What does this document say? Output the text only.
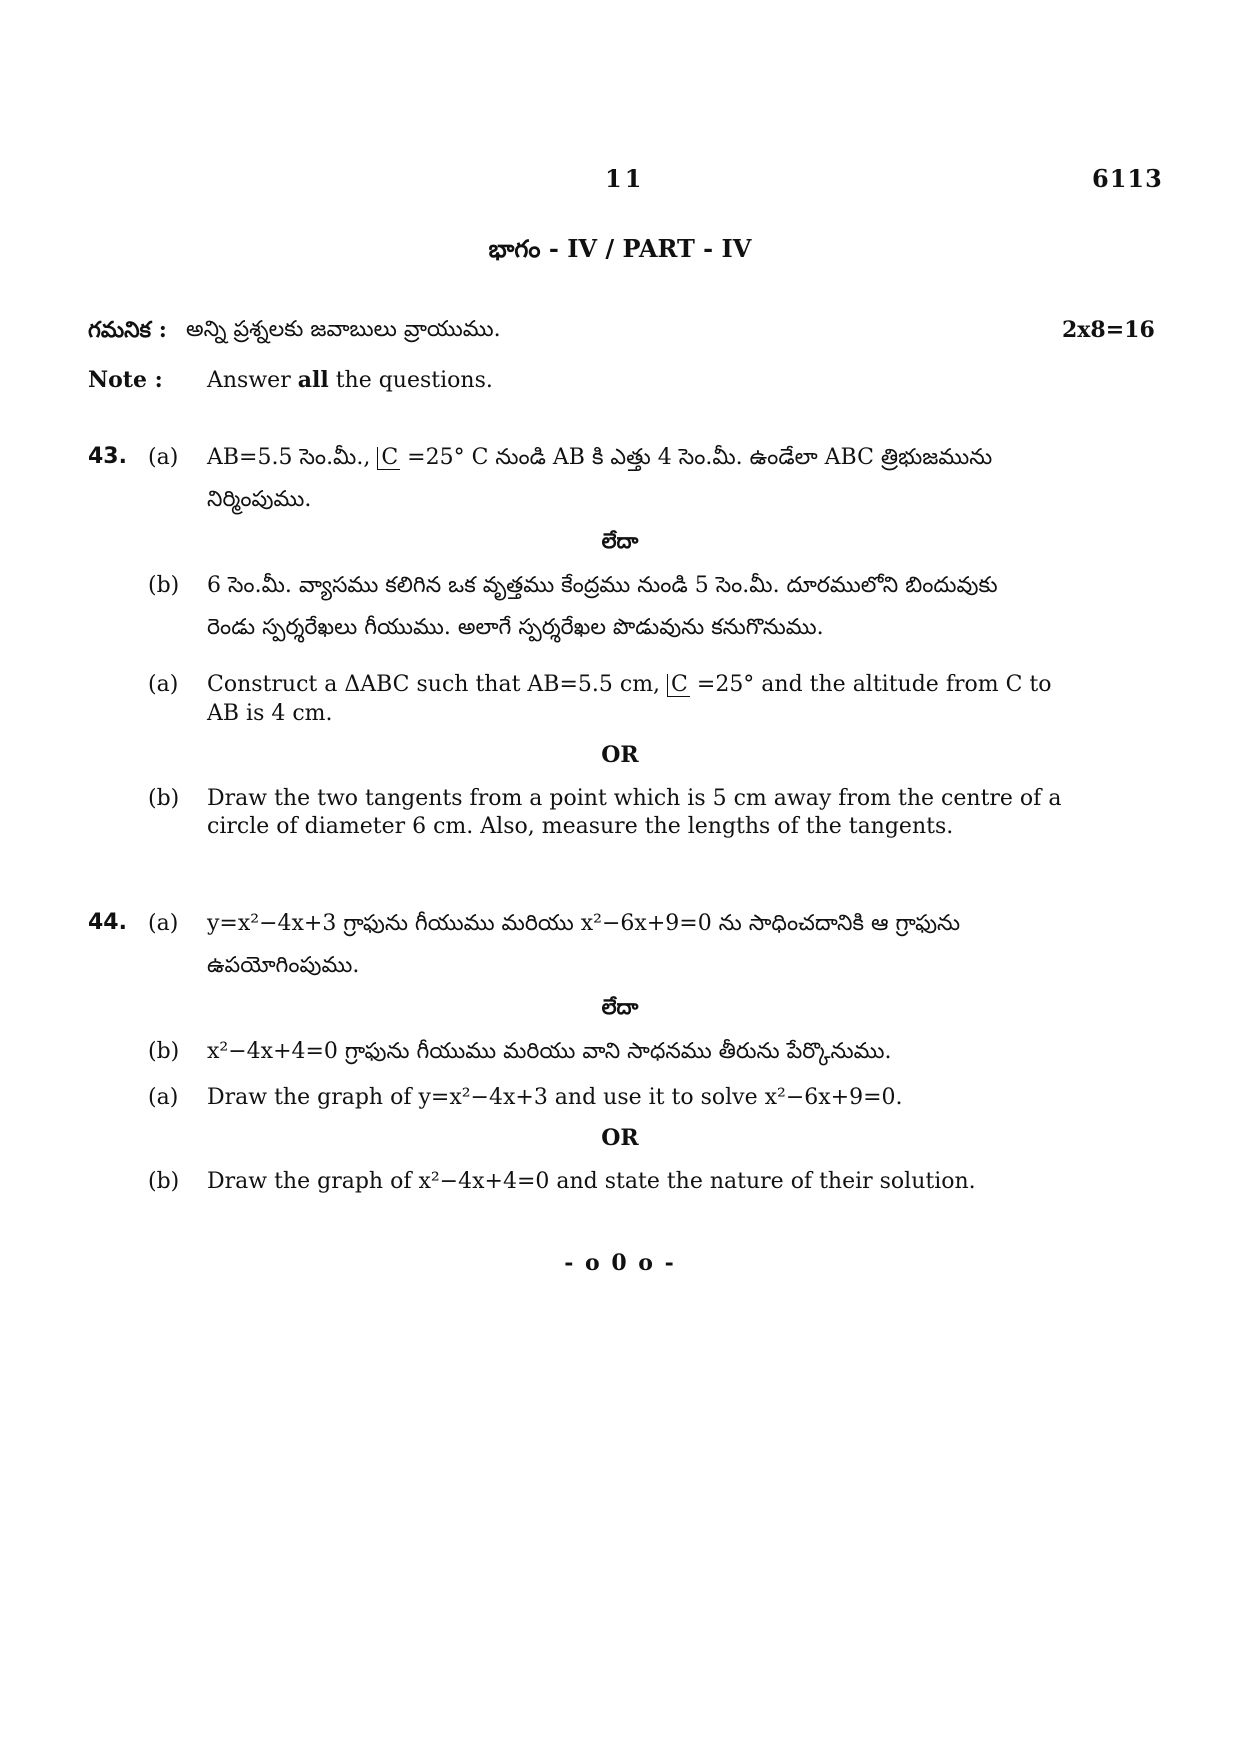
11	6113
భాగం - IV / PART - IV
గమనిక : అన్ని ప్రశ్నలకు జవాబులు వ్రాయుము.	2x8=16
Note : Answer all the questions.
43. (a) AB=5.5 సెం.మీ., C =25° C నుండి AB కి ఎత్తు 4 సెం.మీ. ఉండేలా ABC త్రిభుజమును
నిర్మింపుము.
లేదా
(b) 6 సెం.మీ. వ్యాసము కలిగిన ఒక వృత్తము కేంద్రము నుండి 5 సెం.మీ. దూరములోని బిందువుకు
రెండు స్పర్శరేఖలు గీయుము. అలాగే స్పర్శరేఖల పొడువును కనుగొనుము.
(a) Construct a ΔABC such that AB=5.5 cm, C =25° and the altitude from C to
AB is 4 cm.
OR
(b) Draw the two tangents from a point which is 5 cm away from the centre of a
circle of diameter 6 cm. Also, measure the lengths of the tangents.
44. (a) y=x²−4x+3 గ్రాఫును గీయుము మరియు x²−6x+9=0 ను సాధించదానికి ఆ గ్రాఫును
ఉపయోగింపుము.
లేదా
(b) x²−4x+4=0 గ్రాఫును గీయుము మరియు వాని సాధనము తీరును పేర్కొనుము.
(a) Draw the graph of y=x²−4x+3 and use it to solve x²−6x+9=0.
OR
(b) Draw the graph of x²−4x+4=0 and state the nature of their solution.
- o 0 o -
